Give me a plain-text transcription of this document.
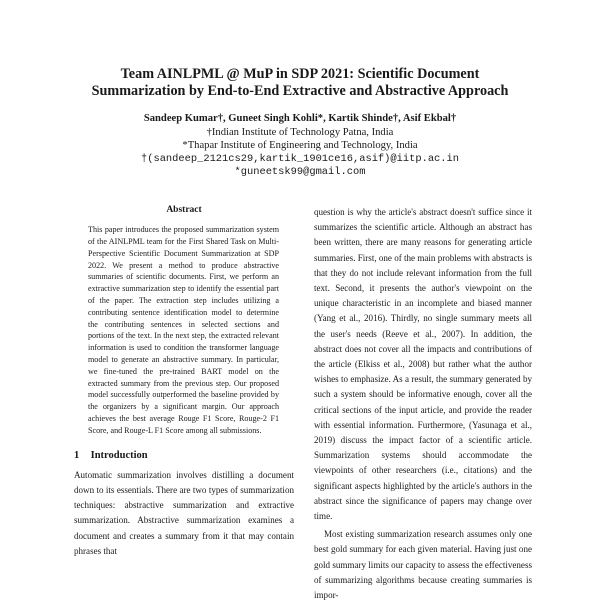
Team AINLPML @ MuP in SDP 2021: Scientific Document
Summarization by End-to-End Extractive and Abstractive Approach
Sandeep Kumar†, Guneet Singh Kohli*, Kartik Shinde†, Asif Ekbal†
†Indian Institute of Technology Patna, India
*Thapar Institute of Engineering and Technology, India
†(sandeep_2121cs29,kartik_1901ce16,asif)@iitp.ac.in
*guneetsk99@gmail.com
Abstract
This paper introduces the proposed summarization system of the AINLPML team for the First Shared Task on Multi-Perspective Scientific Document Summarization at SDP 2022. We present a method to produce abstractive summaries of scientific documents. First, we perform an extractive summarization step to identify the essential part of the paper. The extraction step includes utilizing a contributing sentence identification model to determine the contributing sentences in selected sections and portions of the text. In the next step, the extracted relevant information is used to condition the transformer language model to generate an abstractive summary. In particular, we fine-tuned the pre-trained BART model on the extracted summary from the previous step. Our proposed model successfully outperformed the baseline provided by the organizers by a significant margin. Our approach achieves the best average Rouge F1 Score, Rouge-2 F1 Score, and Rouge-L F1 Score among all submissions.
1 Introduction
Automatic summarization involves distilling a document down to its essentials. There are two types of summarization techniques: abstractive summarization and extractive summarization. Abstractive summarization examines a document and creates a summary from it that may contain phrases that

question is why the article's abstract doesn't suffice since it summarizes the scientific article. Although an abstract has been written, there are many reasons for generating article summaries. First, one of the main problems with abstracts is that they do not include relevant information from the full text. Second, it presents the author's viewpoint on the unique characteristic in an incomplete and biased manner (Yang et al., 2016). Thirdly, no single summary meets all the user's needs (Reeve et al., 2007). In addition, the abstract does not cover all the impacts and contributions of the article (Elkiss et al., 2008) but rather what the author wishes to emphasize. As a result, the summary generated by such a system should be informative enough, cover all the critical sections of the input article, and provide the reader with essential information. Furthermore, (Yasunaga et al., 2019) discuss the impact factor of a scientific article. Summarization systems should accommodate the viewpoints of other researchers (i.e., citations) and the significant aspects highlighted by the article's authors in the abstract since the significance of papers may change over time.

Most existing summarization research assumes only one best gold summary for each given material. Having just one gold summary limits our capacity to assess the effectiveness of summarizing algorithms because creating summaries is impor-
